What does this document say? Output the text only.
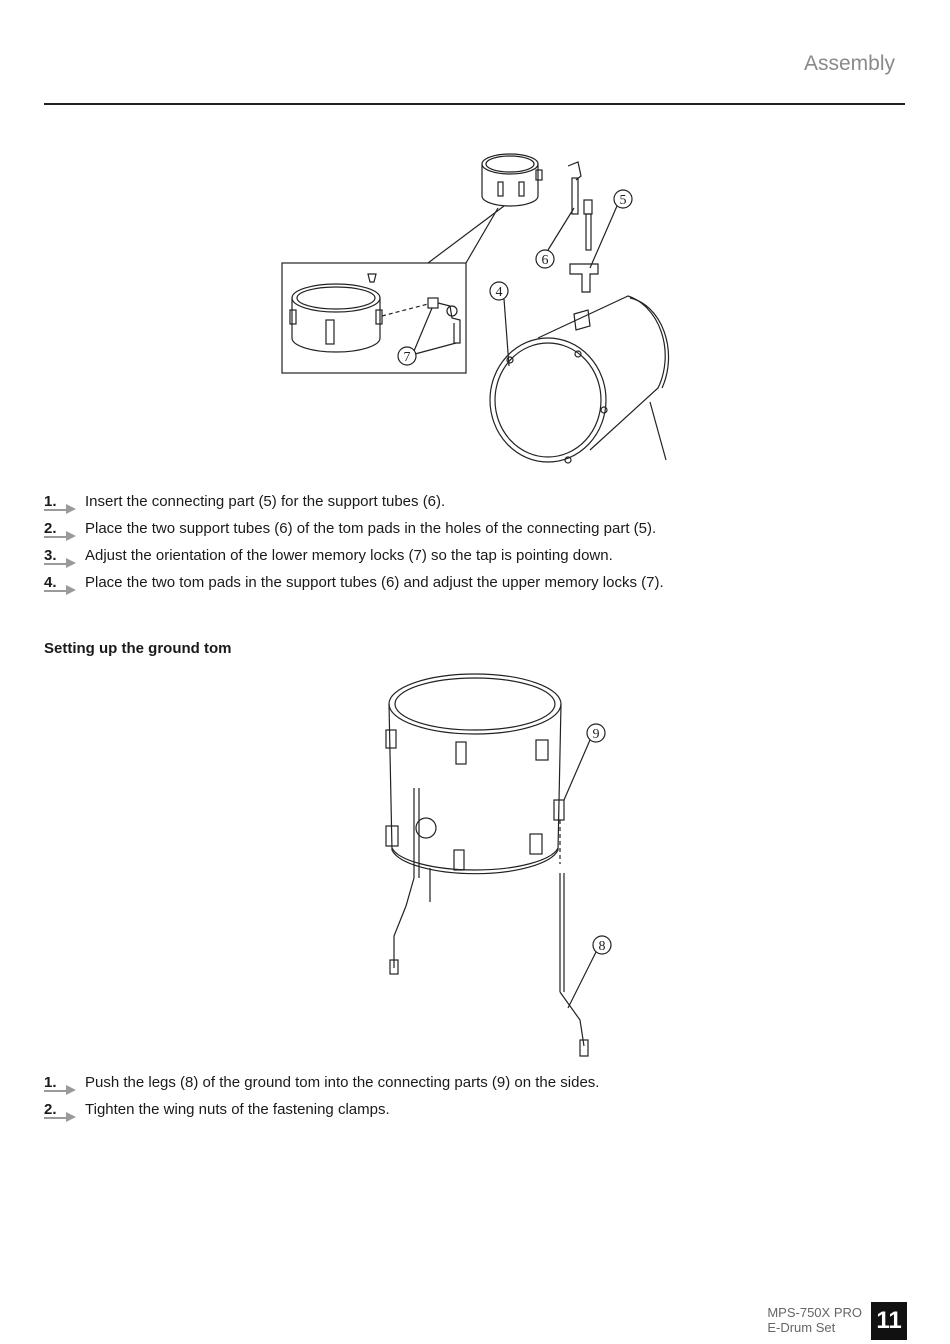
Assembly
4
5
6
7
1. Insert the connecting part (5) for the support tubes (6).
2. Place the two support tubes (6) of the tom pads in the holes of the connecting part (5).
3. Adjust the orientation of the lower memory locks (7) so the tap is pointing down.
4. Place the two tom pads in the support tubes (6) and adjust the upper memory locks (7).
Setting up the ground tom
9
8
1. Push the legs (8) of the ground tom into the connecting parts (9) on the sides.
2. Tighten the wing nuts of the fastening clamps.
MPS-750X PRO
E-Drum Set	11
